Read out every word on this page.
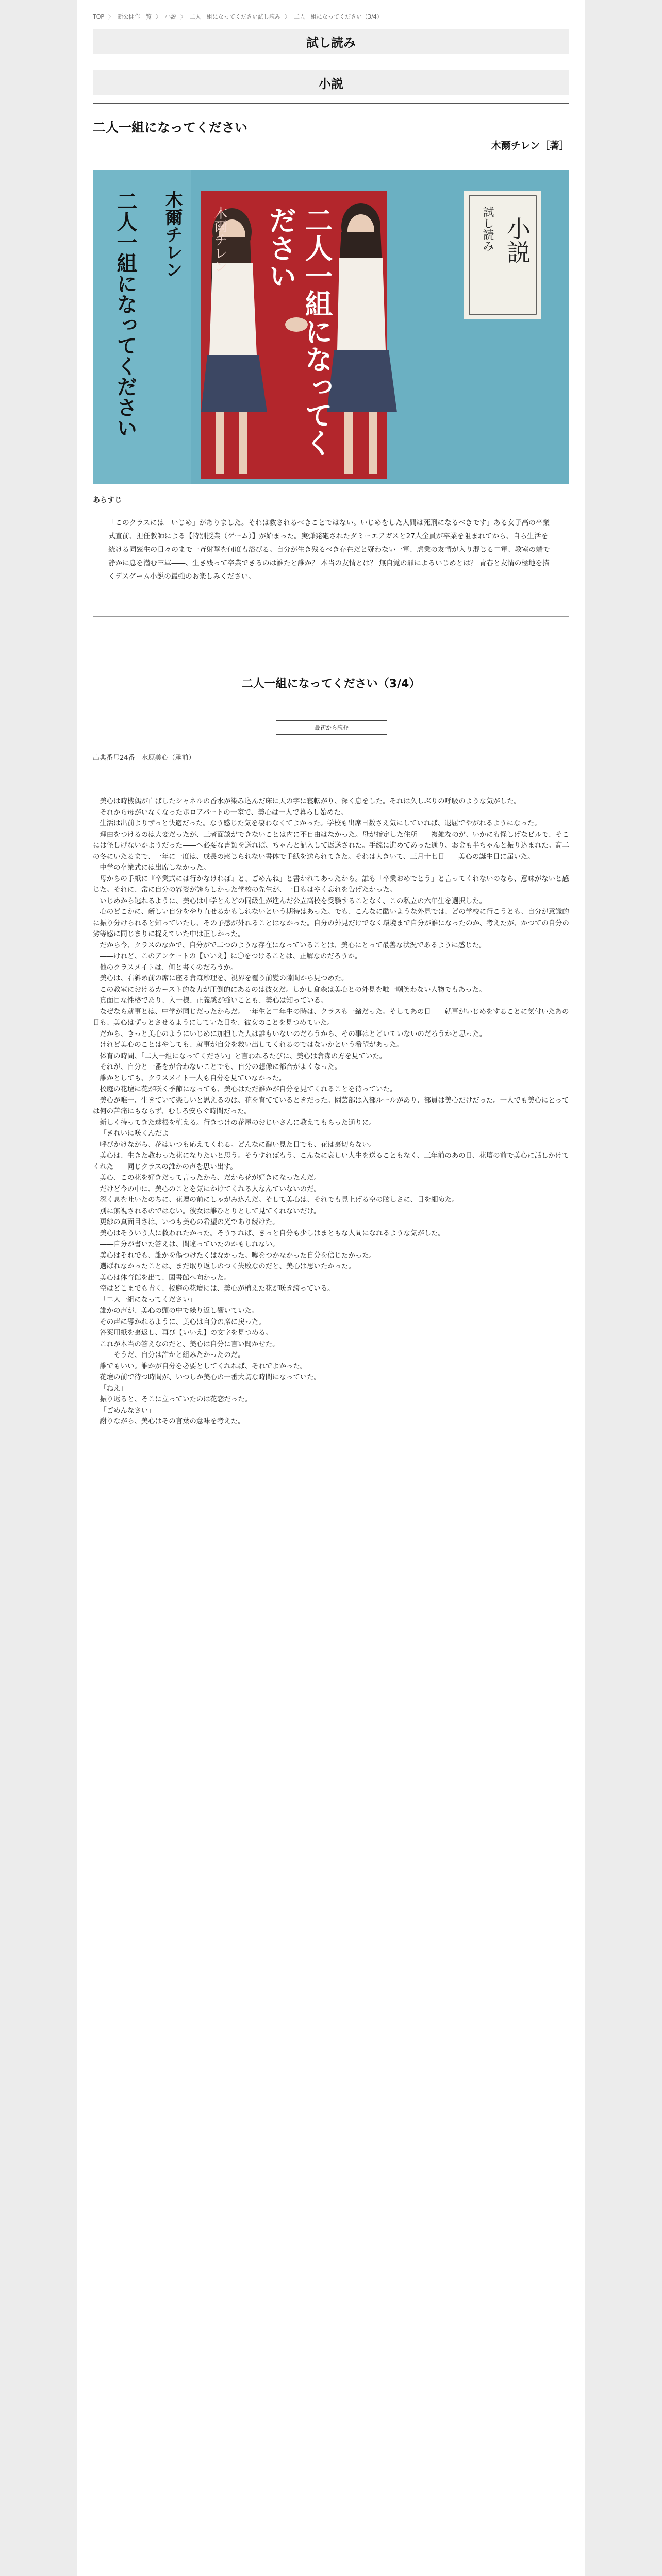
TOP 〉 新公開作一覧 〉 小説 〉 二人一組になってください試し読み 〉 二人一組になってください（3/4）
試し読み
小説
二人一組になってください
木爾チレン［著］
二人一組になってください
木爾チレン
木爾チレン
二人一組になってください	試し読み 小説
あらすじ
「このクラスには「いじめ」がありました。それは救されるべきことではない。いじめをした人間は死刑になるべきです」ある女子高の卒業式直前、担任教師による【特別授業（ゲーム）】が始まった。実弾発砲されたダミーエアガスと27人全員が卒業を阻まれてから、自ら生活を続ける同窓生の日々のまで一斉射撃を何度も浴びる。自分が生き残るべき存在だと疑わない一軍、虐業の友情が入り混じる二軍、教室の端で静かに息を潜む三軍――、生き残って卒業できるのは誰たと誰か？ 本当の友情とは？ 無自覚の罪によるいじめとは？ 青春と友情の極地を描くデスゲーム小説の最強のお楽しみください。
二人一組になってください（3/4）
最初から読む
出典番号24番　水原美心（承前）

美心は時機偶が亡ばしたシャネルの香水が染み込んだ床に天の字に寝転がり、深く息をした。それは久しぶりの呼吸のような気がした。

それから母がいなくなったボロアパートの一室で、美心は一人で暮らし始めた。

生活は出前よりずっと快適だった。なう感じた気を凄わなくてよかった。学校も出席日数さえ気にしていれば、退屈でやがれるようになった。

理由をつけるのは大変だったが、三者面談ができないことは内に不自由はなかった。母が指定した住所――複雑なのが、いかにも怪しげなビルで、そこには怪しげないかようだった――へ必要な書類を送れば、ちゃんと記入して返送された。手続に進めてあった通り、お金も半ちゃんと振り込まれた。高二の冬にいたるまで、一年に一度は、成長の感じられない書体で手紙を送られてきた。それは大きいて、三月十七日――美心の誕生日に届いた。

中学の卒業式には出席しなかった。

母からの手紙に『卒業式には行かなければ』と、ごめんね」と書かれてあったから。誰も「卒業おめでとう」と言ってくれないのなら、意味がないと感じた。それに、常に自分の容姿が誇らしかった学校の先生が、一日もはやく忘れを告げたかった。

いじめから逃れるように、美心は中学とんどの同級生が進んだ公立高校を受験することなく、この私立の六年生を選択した。

心のどこかに、新しい自分をやり直せるかもしれないという期待はあった。でも、こんなに酷いような外見では、どの学校に行こうとも、自分が意識的に振り分けられると知っていたし、その予感が外れることはなかった。自分の外見だけでなく環境まで自分が誰になったのか、考えたが、かつての自分の劣等感に同じまりに捉えていた中は正しかった。

だから今、クラスのなかで、自分がで二つのような存在になっていることは、美心にとって最善な状況であるように感じた。

――けれど、このアンケートの【いいえ】に〇をつけることは、正解なのだろうか。

他のクラスメイトは、何と書くのだろうか。

美心は、右斜め前の席に座る倉森紗理を、視界を覆う前髪の隙間から見つめた。

この教室におけるカースト的な力が圧倒的にあるのは彼女だ。しかし倉森は美心との外見を唯一嘲笑わない人物でもあった。

真面目な性格であり、入一様、正義感が強いことも、美心は知っている。

なぜなら就事とは、中学が同じだったからだ。一年生と二年生の時は、クラスも一緒だった。そしてあの日――就事がいじめをすることに気付いたあの日も、美心はずっとさせるようにしていた目を、彼女のことを見つめていた。

だから、きっと美心のようにいじめに加担した人は誰もいないのだろうから、その事はとどいていないのだろうかと思った。

けれど美心のことはやしても、就事が自分を救い出してくれるのではないかという希望があった。

体育の時間、「二人一組になってください」と言われるたびに、美心は倉森の方を見ていた。

それが、自分と一番をが合わないことでも、自分の想像に都合がよくなった。

誰かとしても、クラスメイト一人も自分を見ていなかった。

校庭の花壇に花が咲く季節になっても、美心はただ誰かが自分を見てくれることを待っていた。

美心が唯一、生きていて楽しいと思えるのは、花を育てているときだった。園芸部は入部ルールがあり、部員は美心だけだった。一人でも美心にとっては何の苦痛にもならず、むしろ安らぐ時間だった。

新しく持ってきた球根を植える。行きつけの花屋のおじいさんに教えてもらった通りに。

「きれいに咲くんだよ」

呼びかけながら、花はいつも応えてくれる。どんなに醜い見た目でも、花は裏切らない。

美心は、生きた教わった花になりたいと思う。そうすればもう、こんなに哀しい人生を送ることもなく、三年前のあの日、花壇の前で美心に話しかけてくれた――同じクラスの誰かの声を思い出す。

美心、この花を好きだって言ったから、だから花が好きになったんだ。

だけど今の中に、美心のことを気にかけてくれる人なんていないのだ。

深く息を吐いたのちに、花壇の前にしゃがみ込んだ。そして美心は、それでも見上げる空の眩しさに、目を細めた。

別に無視されるのではない。彼女は誰ひとりとして見てくれないだけ。

更紗の真面目さは、いつも美心の希望の光であり続けた。

美心はそういう人に救われたかった。そうすれば、きっと自分も少しはまともな人間になれるような気がした。

――自分が書いた答えは、間違っていたのかもしれない。

美心はそれでも、誰かを傷つけたくはなかった。嘘をつかなかった自分を信じたかった。

選ばれなかったことは、まだ取り返しのつく失敗なのだと、美心は思いたかった。

美心は体育館を出て、図書館へ向かった。

空はどこまでも青く、校庭の花壇には、美心が植えた花が咲き誇っている。

「二人一組になってください」

誰かの声が、美心の頭の中で繰り返し響いていた。

その声に導かれるように、美心は自分の席に戻った。

答案用紙を裏返し、再び【いいえ】の文字を見つめる。

これが本当の答えなのだと、美心は自分に言い聞かせた。

――そうだ、自分は誰かと組みたかったのだ。

誰でもいい。誰かが自分を必要としてくれれば、それでよかった。

花壇の前で待つ時間が、いつしか美心の一番大切な時間になっていた。

「ねえ」

振り返ると、そこに立っていたのは花恋だった。

「ごめんなさい」

謝りながら、美心はその言葉の意味を考えた。
